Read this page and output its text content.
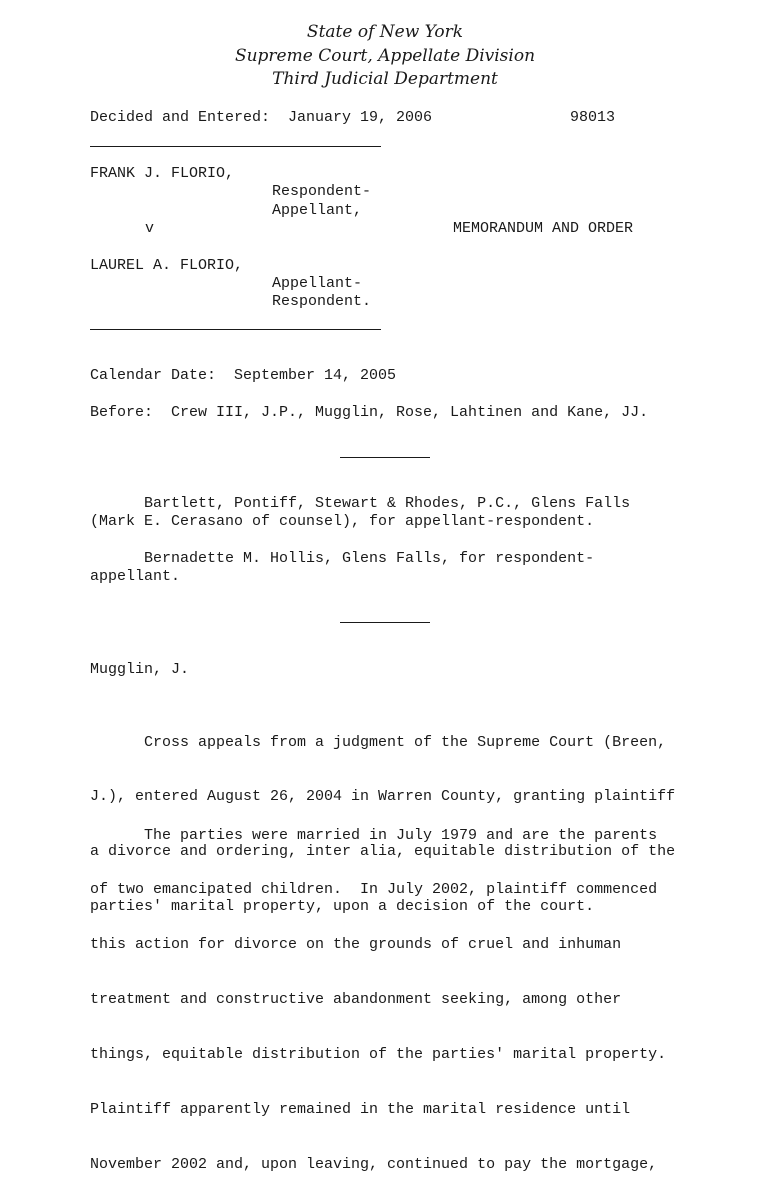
State of New York
Supreme Court, Appellate Division
Third Judicial Department
Decided and Entered:  January 19, 2006	98013
FRANK J. FLORIO,
Respondent-
Appellant,
v	MEMORANDUM AND ORDER
LAUREL A. FLORIO,
Appellant-
Respondent.
Calendar Date:  September 14, 2005
Before:  Crew III, J.P., Mugglin, Rose, Lahtinen and Kane, JJ.
Bartlett, Pontiff, Stewart & Rhodes, P.C., Glens Falls
(Mark E. Cerasano of counsel), for appellant-respondent.
Bernadette M. Hollis, Glens Falls, for respondent-
appellant.
Mugglin, J.

Cross appeals from a judgment of the Supreme Court (Breen,

J.), entered August 26, 2004 in Warren County, granting plaintiff

a divorce and ordering, inter alia, equitable distribution of the

parties' marital property, upon a decision of the court.

The parties were married in July 1979 and are the parents

of two emancipated children.  In July 2002, plaintiff commenced

this action for divorce on the grounds of cruel and inhuman

treatment and constructive abandonment seeking, among other

things, equitable distribution of the parties' marital property.

Plaintiff apparently remained in the marital residence until

November 2002 and, upon leaving, continued to pay the mortgage,
